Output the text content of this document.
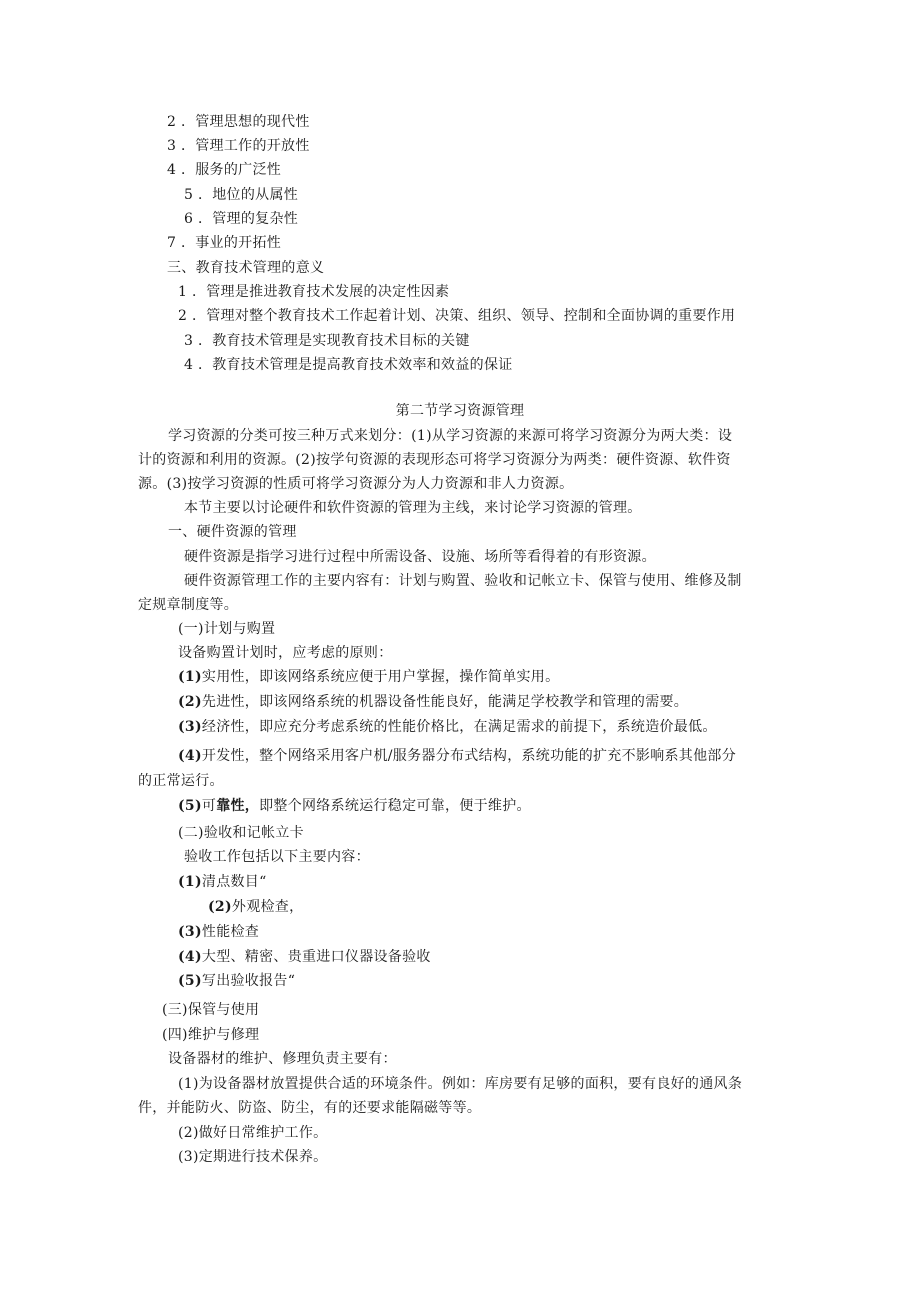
2 ．管理思想的现代性
3 ．管理工作的开放性
4 ．服务的广泛性
5 ．地位的从属性
6 ．管理的复杂性
7 ．事业的开拓性
三、教育技术管理的意义
1 ．管理是推进教育技术发展的决定性因素
2 ．管理对整个教育技术工作起着计划、决策、组织、领导、控制和全面协调的重要作用
3 ．教育技术管理是实现教育技术目标的关键
4 ．教育技术管理是提高教育技术效率和效益的保证
第二节学习资源管理
学习资源的分类可按三种万式来划分：(1)从学习资源的来源可将学习资源分为两大类：设
计的资源和利用的资源。(2)按学句资源的表现形态可将学习资源分为两类：硬件资源、软件资
源。(3)按学习资源的性质可将学习资源分为人力资源和非人力资源。
本节主要以讨论硬件和软件资源的管理为主线，来讨论学习资源的管理。
一、硬件资源的管理
硬件资源是指学习进行过程中所需设备、设施、场所等看得着的有形资源。
硬件资源管理工作的主要内容有：计划与购置、验收和记帐立卡、保管与使用、维修及制
定规章制度等。
(一)计划与购置
设备购置计划时，应考虑的原则：
(1)实用性，即该网络系统应便于用户掌握，操作简单实用。
(2)先进性，即该网络系统的机器设备性能良好，能满足学校教学和管理的需要。
(3)经济性，即应充分考虑系统的性能价格比，在满足需求的前提下，系统造价最低。
(4)开发性，整个网络采用客户机/服务器分布式结构，系统功能的扩充不影响系其他部分
的正常运行。
(5)可靠性，即整个网络系统运行稳定可靠，便于维护。
(二)验收和记帐立卡
验收工作包括以下主要内容：
(1)清点数目“
(2)外观检查，
(3)性能检查
(4)大型、精密、贵重进口仪器设备验收
(5)写出验收报告“
(三)保管与使用
(四)维护与修理
设备器材的维护、修理负责主要有：
(1)为设备器材放置提供合适的环境条件。例如：库房要有足够的面积，要有良好的通风条
件，并能防火、防盗、防尘，有的还要求能隔磁等等。
(2)做好日常维护工作。
(3)定期进行技术保养。
